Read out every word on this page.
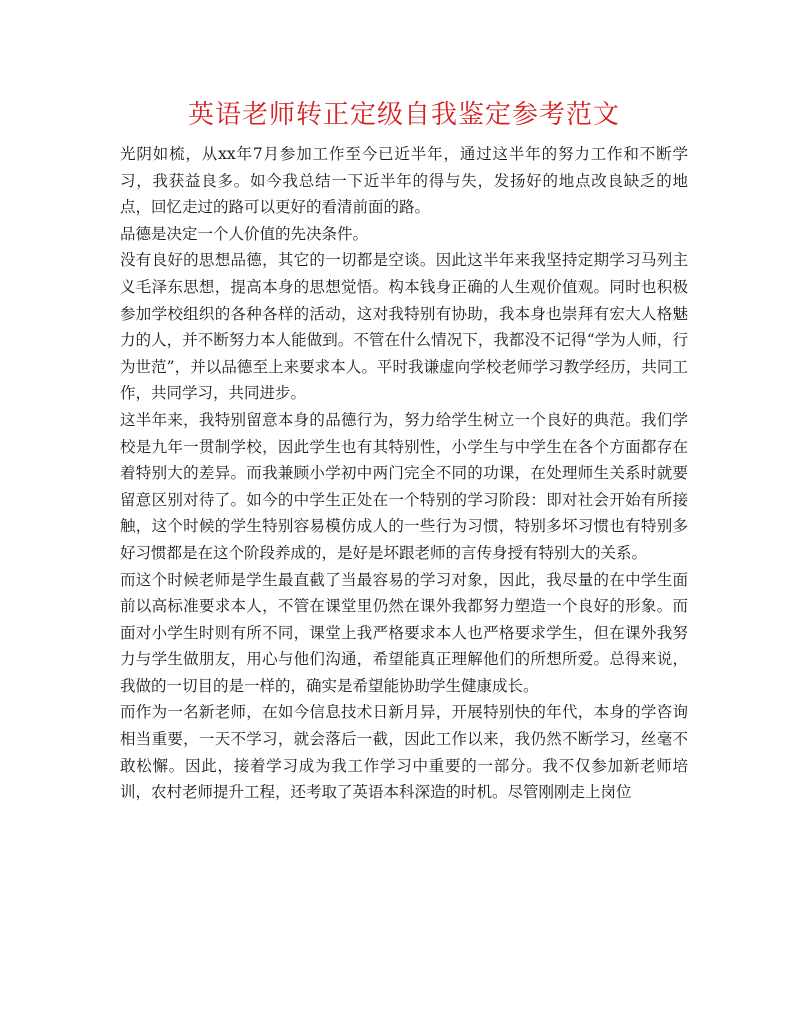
英语老师转正定级自我鉴定参考范文

光阴如梳，从xx年7月参加工作至今已近半年，通过这半年的努力工作和不断学习，我获益良多。如今我总结一下近半年的得与失，发扬好的地点改良缺乏的地点，回忆走过的路可以更好的看清前面的路。

品德是决定一个人价值的先决条件。

没有良好的思想品德，其它的一切都是空谈。因此这半年来我坚持定期学习马列主义毛泽东思想，提高本身的思想觉悟。构本钱身正确的人生观价值观。同时也积极参加学校组织的各种各样的活动，这对我特别有协助，我本身也崇拜有宏大人格魅力的人，并不断努力本人能做到。不管在什么情况下，我都没不记得“学为人师，行为世范”，并以品德至上来要求本人。平时我谦虚向学校老师学习教学经历，共同工作，共同学习，共同进步。

这半年来，我特别留意本身的品德行为，努力给学生树立一个良好的典范。我们学校是九年一贯制学校，因此学生也有其特别性，小学生与中学生在各个方面都存在着特别大的差异。而我兼顾小学初中两门完全不同的功课，在处理师生关系时就要留意区别对待了。如今的中学生正处在一个特别的学习阶段：即对社会开始有所接触，这个时候的学生特别容易模仿成人的一些行为习惯，特别多坏习惯也有特别多好习惯都是在这个阶段养成的，是好是坏跟老师的言传身授有特别大的关系。

而这个时候老师是学生最直截了当最容易的学习对象，因此，我尽量的在中学生面前以高标准要求本人，不管在课堂里仍然在课外我都努力塑造一个良好的形象。而面对小学生时则有所不同，课堂上我严格要求本人也严格要求学生，但在课外我努力与学生做朋友，用心与他们沟通，希望能真正理解他们的所想所爱。总得来说，我做的一切目的是一样的，确实是希望能协助学生健康成长。

而作为一名新老师，在如今信息技术日新月异，开展特别快的年代，本身的学咨询相当重要，一天不学习，就会落后一截，因此工作以来，我仍然不断学习，丝毫不敢松懈。因此，接着学习成为我工作学习中重要的一部分。我不仅参加新老师培训，农村老师提升工程，还考取了英语本科深造的时机。尽管刚刚走上岗位
